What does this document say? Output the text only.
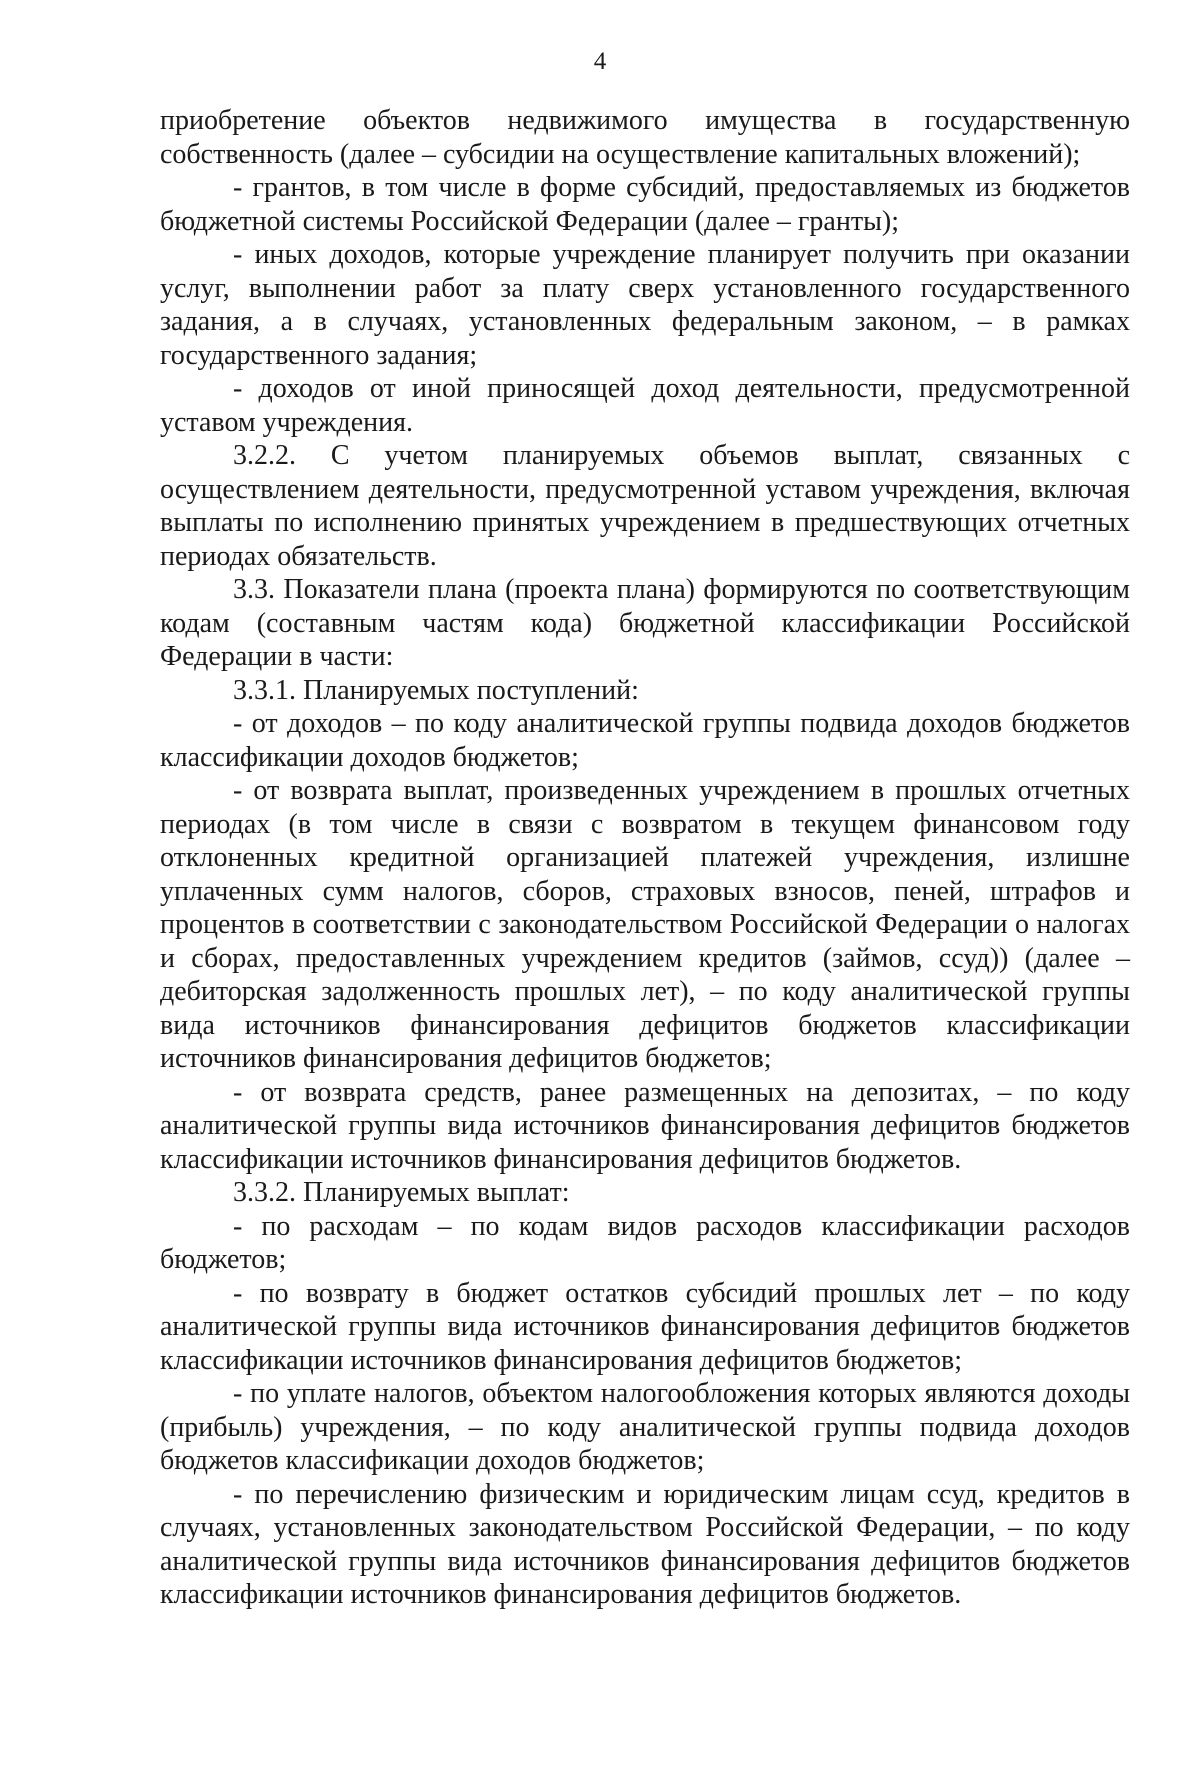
4

приобретение объектов недвижимого имущества в государственную собственность (далее – субсидии на осуществление капитальных вложений);

- грантов, в том числе в форме субсидий, предоставляемых из бюджетов бюджетной системы Российской Федерации (далее – гранты);

- иных доходов, которые учреждение планирует получить при оказании услуг, выполнении работ за плату сверх установленного государственного задания, а в случаях, установленных федеральным законом, – в рамках государственного задания;

- доходов от иной приносящей доход деятельности, предусмотренной уставом учреждения.

3.2.2. С учетом планируемых объемов выплат, связанных с осуществлением деятельности, предусмотренной уставом учреждения, включая выплаты по исполнению принятых учреждением в предшествующих отчетных периодах обязательств.

3.3. Показатели плана (проекта плана) формируются по соответствующим кодам (составным частям кода) бюджетной классификации Российской Федерации в части:

3.3.1. Планируемых поступлений:

- от доходов – по коду аналитической группы подвида доходов бюджетов классификации доходов бюджетов;

- от возврата выплат, произведенных учреждением в прошлых отчетных периодах (в том числе в связи с возвратом в текущем финансовом году отклоненных кредитной организацией платежей учреждения, излишне уплаченных сумм налогов, сборов, страховых взносов, пеней, штрафов и процентов в соответствии с законодательством Российской Федерации о налогах и сборах, предоставленных учреждением кредитов (займов, ссуд)) (далее – дебиторская задолженность прошлых лет), – по коду аналитической группы вида источников финансирования дефицитов бюджетов классификации источников финансирования дефицитов бюджетов;

- от возврата средств, ранее размещенных на депозитах, – по коду аналитической группы вида источников финансирования дефицитов бюджетов классификации источников финансирования дефицитов бюджетов.

3.3.2. Планируемых выплат:

- по расходам – по кодам видов расходов классификации расходов бюджетов;

- по возврату в бюджет остатков субсидий прошлых лет – по коду аналитической группы вида источников финансирования дефицитов бюджетов классификации источников финансирования дефицитов бюджетов;

- по уплате налогов, объектом налогообложения которых являются доходы (прибыль) учреждения, – по коду аналитической группы подвида доходов бюджетов классификации доходов бюджетов;

- по перечислению физическим и юридическим лицам ссуд, кредитов в случаях, установленных законодательством Российской Федерации, – по коду аналитической группы вида источников финансирования дефицитов бюджетов классификации источников финансирования дефицитов бюджетов.
